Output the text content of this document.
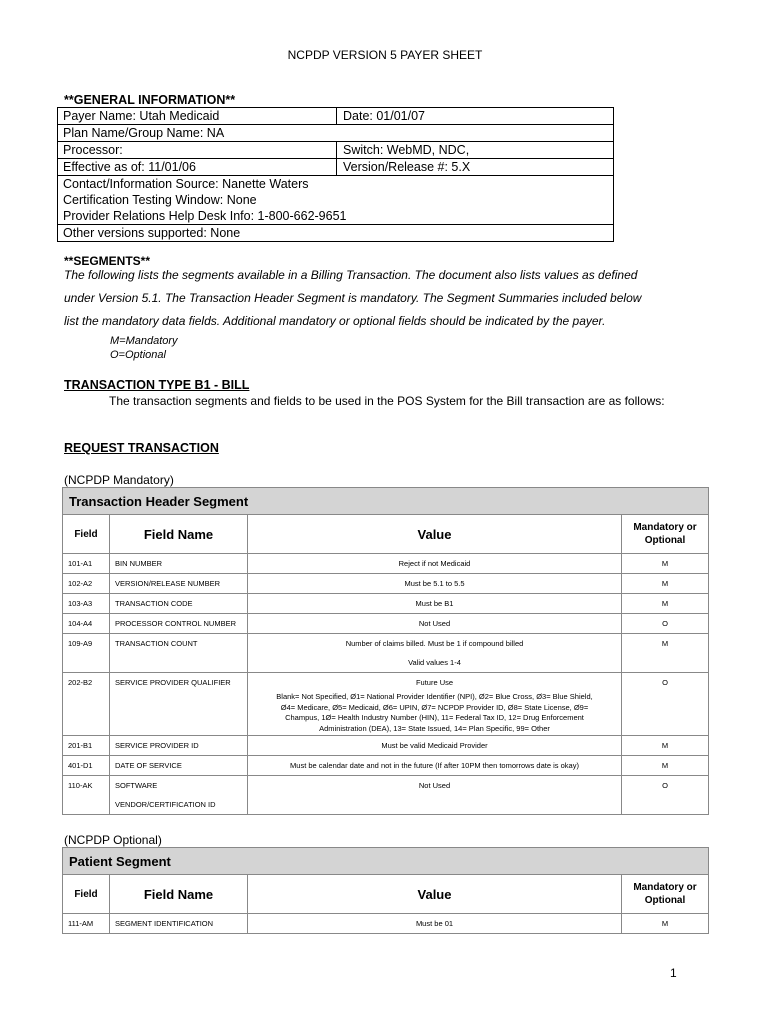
NCPDP VERSION 5 PAYER SHEET
**GENERAL INFORMATION**
Payer Name: Utah Medicaid	Date: 01/01/07
Plan Name/Group Name: NA
Processor:	Switch: WebMD, NDC,
Effective as of: 11/01/06	Version/Release #: 5.X
Contact/Information Source: Nanette Waters
Certification Testing Window: None
Provider Relations Help Desk Info: 1-800-662-9651
Other versions supported: None
**SEGMENTS**
The following lists the segments available in a Billing Transaction. The document also lists values as defined
under Version 5.1. The Transaction Header Segment is mandatory. The Segment Summaries included below
list the mandatory data fields. Additional mandatory or optional fields should be indicated by the payer.
M=Mandatory
O=Optional
TRANSACTION TYPE B1 - BILL
The transaction segments and fields to be used in the POS System for the Bill transaction are as follows:
REQUEST TRANSACTION
(NCPDP Mandatory)
Transaction Header Segment			
Field	Field Name	Value	Mandatory or Optional
101-A1	BIN NUMBER	Reject if not Medicaid	M
102-A2	VERSION/RELEASE NUMBER	Must be 5.1 to 5.5	M
103-A3	TRANSACTION CODE	Must be B1	M
104-A4	PROCESSOR CONTROL NUMBER	Not Used	O
109-A9	TRANSACTION COUNT	Number of claims billed. Must be 1 if compound billed
Valid values 1-4	M
202-B2	SERVICE PROVIDER QUALIFIER	Future Use
Blank= Not Specified, Ø1= National Provider Identifier (NPI), Ø2= Blue Cross, Ø3= Blue Shield, Ø4= Medicare, Ø5= Medicaid, Ø6= UPIN, Ø7= NCPDP Provider ID, Ø8= State License, Ø9= Champus, 1Ø= Health Industry Number (HIN), 11= Federal Tax ID, 12= Drug Enforcement Administration (DEA), 13= State Issued, 14= Plan Specific, 99= Other	O
201-B1	SERVICE PROVIDER ID	Must be valid Medicaid Provider	M
401-D1	DATE OF SERVICE	Must be calendar date and not in the future (If after 10PM then tomorrows date is okay)	M
110-AK	SOFTWARE VENDOR/CERTIFICATION ID	Not Used	O
(NCPDP Optional)
Patient Segment			
Field	Field Name	Value	Mandatory or Optional
111-AM	SEGMENT IDENTIFICATION	Must be 01	M
1
